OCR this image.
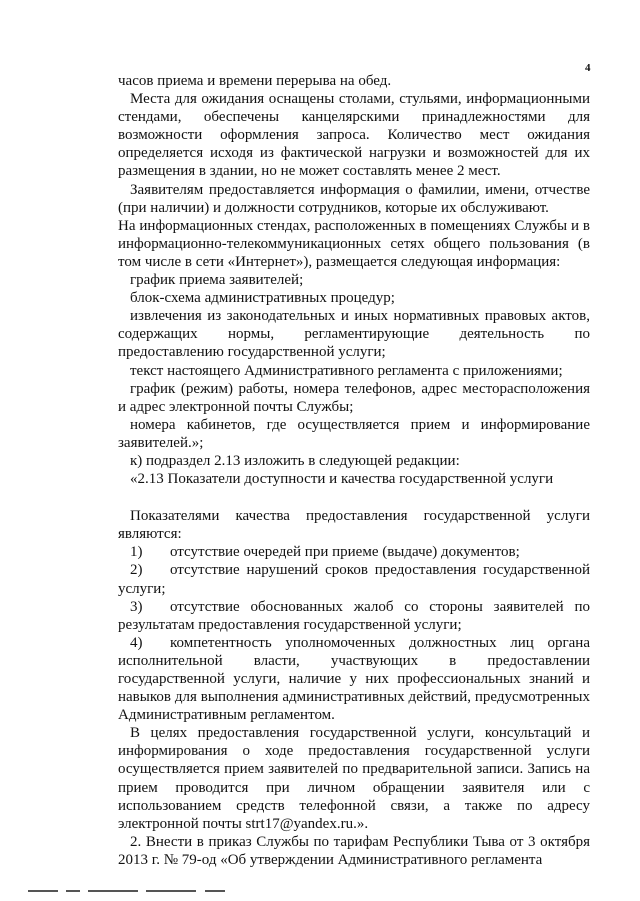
4

часов приема и времени перерыва на обед.

Места для ожидания оснащены столами, стульями, информационными стендами, обеспечены канцелярскими принадлежностями для возможности оформления запроса. Количество мест ожидания определяется исходя из фактической нагрузки и возможностей для их размещения в здании, но не может составлять менее 2 мест.

Заявителям предоставляется информация о фамилии, имени, отчестве (при наличии) и должности сотрудников, которые их обслуживают.

На информационных стендах, расположенных в помещениях Службы и в информационно-телекоммуникационных сетях общего пользования (в том числе в сети «Интернет»), размещается следующая информация:

график приема заявителей;

блок-схема административных процедур;

извлечения из законодательных и иных нормативных правовых актов, содержащих нормы, регламентирующие деятельность по предоставлению государственной услуги;

текст настоящего Административного регламента с приложениями;

график (режим) работы, номера телефонов, адрес месторасположения и адрес электронной почты Службы;

номера кабинетов, где осуществляется прием и информирование заявителей.»;

к) подраздел 2.13 изложить в следующей редакции:

«2.13 Показатели доступности и качества государственной услуги

Показателями качества предоставления государственной услуги являются:

1) отсутствие очередей при приеме (выдаче) документов;

2) отсутствие нарушений сроков предоставления государственной услуги;

3) отсутствие обоснованных жалоб со стороны заявителей по результатам предоставления государственной услуги;

4) компетентность уполномоченных должностных лиц органа исполнительной власти, участвующих в предоставлении государственной услуги, наличие у них профессиональных знаний и навыков для выполнения административных действий, предусмотренных Административным регламентом.

В целях предоставления государственной услуги, консультаций и информирования о ходе предоставления государственной услуги осуществляется прием заявителей по предварительной записи. Запись на прием проводится при личном обращении заявителя или с использованием средств телефонной связи, а также по адресу электронной почты strt17@yandex.ru.».

2. Внести в приказ Службы по тарифам Республики Тыва от 3 октября 2013 г. № 79-од «Об утверждении Административного регламента
